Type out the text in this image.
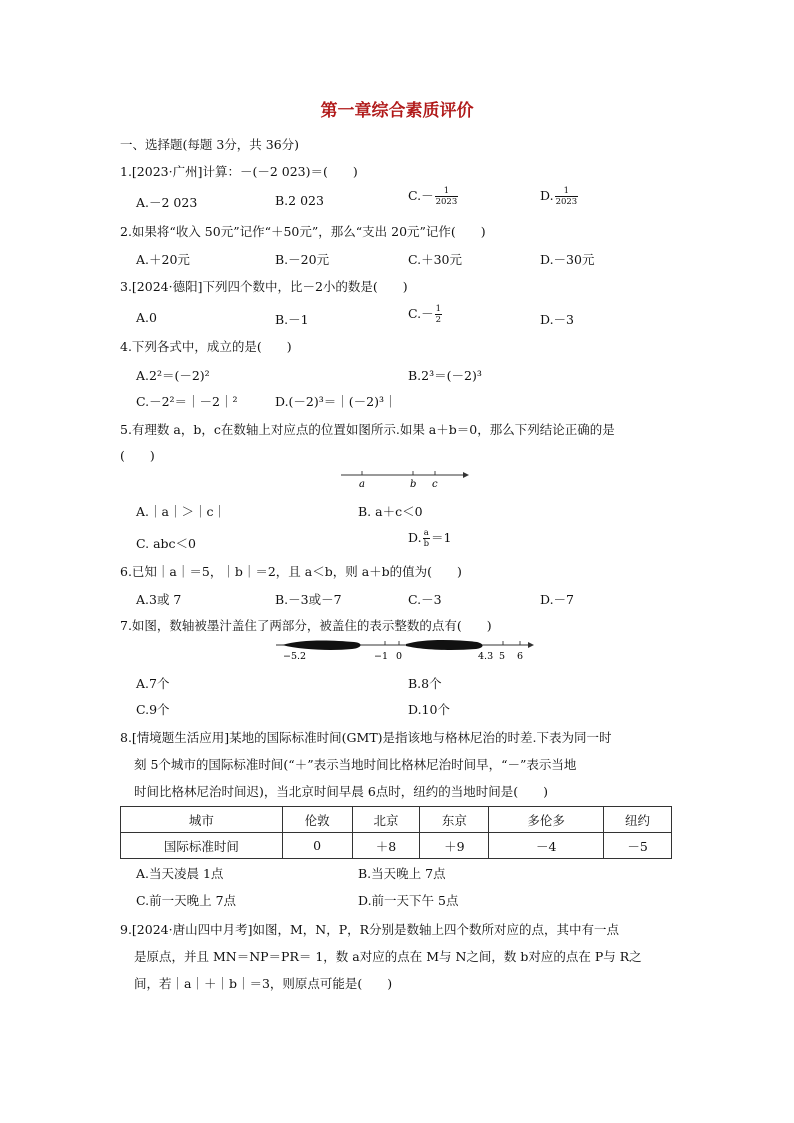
第一章综合素质评价
一、选择题(每题 3分，共 36分)
1.[2023·广州]计算：－(－2 023)＝(　　)
A.－2 023	B.2 023	$C.- \frac{1}{2023}$	D. $\frac{1}{2023}$
2.如果将“收入 50元”记作“＋50元”，那么“支出 20元”记作(　　)
A.＋20元	B.－20元	C.＋30元	D.－30元
3.[2024·德阳]下列四个数中，比－2小的数是(　　)
A.0	B.－1	$C.- \frac{1}{2}$	D.－3
4.下列各式中，成立的是(　　)
A.2²＝(－2)²	B.2³＝(－2)³
C.－2²＝｜－2｜²	D.(－2)³＝｜(－2)³｜
5.有理数 a，b，c在数轴上对应点的位置如图所示.如果 a＋b＝0，那么下列结论正确的是
(　　)
a	b c
A.｜a｜＞｜c｜	B. a＋c＜0
C. abc＜0	D. $\frac{a}{b} =1$
6.已知｜a｜＝5，｜b｜＝2，且 a＜b，则 a＋b的值为(　　)
A.3或 7	B.－3或－7	C.－3	D.－7
7.如图，数轴被墨汁盖住了两部分，被盖住的表示整数的点有(　　)
−5.2	−1 0	4.3 5 6
A.7个	B.8个
C.9个	D.10个
8.[情境题生活应用]某地的国际标准时间(GMT)是指该地与格林尼治的时差.下表为同一时
刻 5个城市的国际标准时间(“＋”表示当地时间比格林尼治时间早，“－”表示当地
时间比格林尼治时间迟)，当北京时间早晨 6点时，纽约的当地时间是(　　)
城市	伦敦	北京	东京	多伦多	纽约
国际标准时间	0	＋8	＋9	－4	－5
A.当天凌晨 1点	B.当天晚上 7点
C.前一天晚上 7点	D.前一天下午 5点
9.[2024·唐山四中月考]如图，M，N，P，R分别是数轴上四个数所对应的点，其中有一点
是原点，并且 MN＝NP＝PR＝ 1，数 a对应的点在 M与 N之间，数 b对应的点在 P与 R之
间，若｜a｜＋｜b｜＝3，则原点可能是(　　)
